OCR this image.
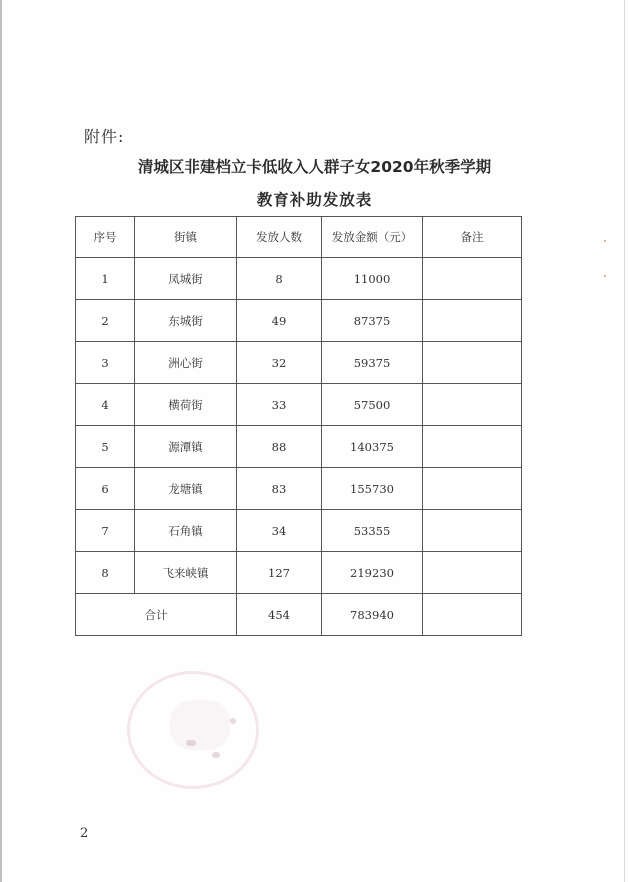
附件:
清城区非建档立卡低收入人群子女2020年秋季学期
教育补助发放表
序号	街镇	发放人数	发放金额（元）	备注
1	凤城街	8	11000	
2	东城街	49	87375	
3	洲心街	32	59375	
4	横荷街	33	57500	
5	源潭镇	88	140375	
6	龙塘镇	83	155730	
7	石角镇	34	53355	
8	飞来峡镇	127	219230	
合计		454	783940	
2
